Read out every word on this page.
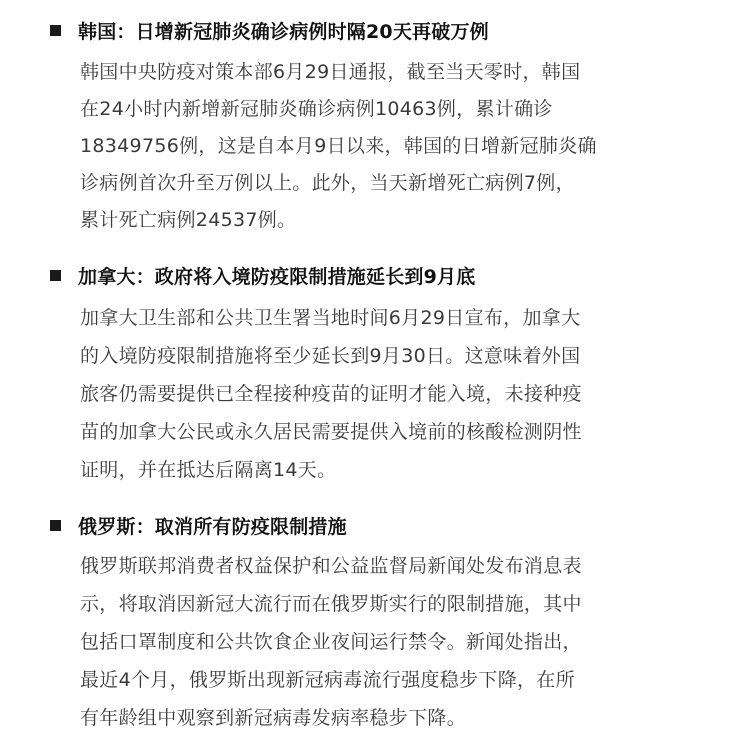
韩国：日增新冠肺炎确诊病例时隔20天再破万例
韩国中央防疫对策本部6月29日通报，截至当天零时，韩国
在24小时内新增新冠肺炎确诊病例10463例，累计确诊
18349756例，这是自本月9日以来，韩国的日增新冠肺炎确
诊病例首次升至万例以上。此外，当天新增死亡病例7例，
累计死亡病例24537例。
加拿大：政府将入境防疫限制措施延长到9月底
加拿大卫生部和公共卫生署当地时间6月29日宣布，加拿大
的入境防疫限制措施将至少延长到9月30日。这意味着外国
旅客仍需要提供已全程接种疫苗的证明才能入境，未接种疫
苗的加拿大公民或永久居民需要提供入境前的核酸检测阴性
证明，并在抵达后隔离14天。
俄罗斯：取消所有防疫限制措施
俄罗斯联邦消费者权益保护和公益监督局新闻处发布消息表
示，将取消因新冠大流行而在俄罗斯实行的限制措施，其中
包括口罩制度和公共饮食企业夜间运行禁令。新闻处指出，
最近4个月，俄罗斯出现新冠病毒流行强度稳步下降，在所
有年龄组中观察到新冠病毒发病率稳步下降。
